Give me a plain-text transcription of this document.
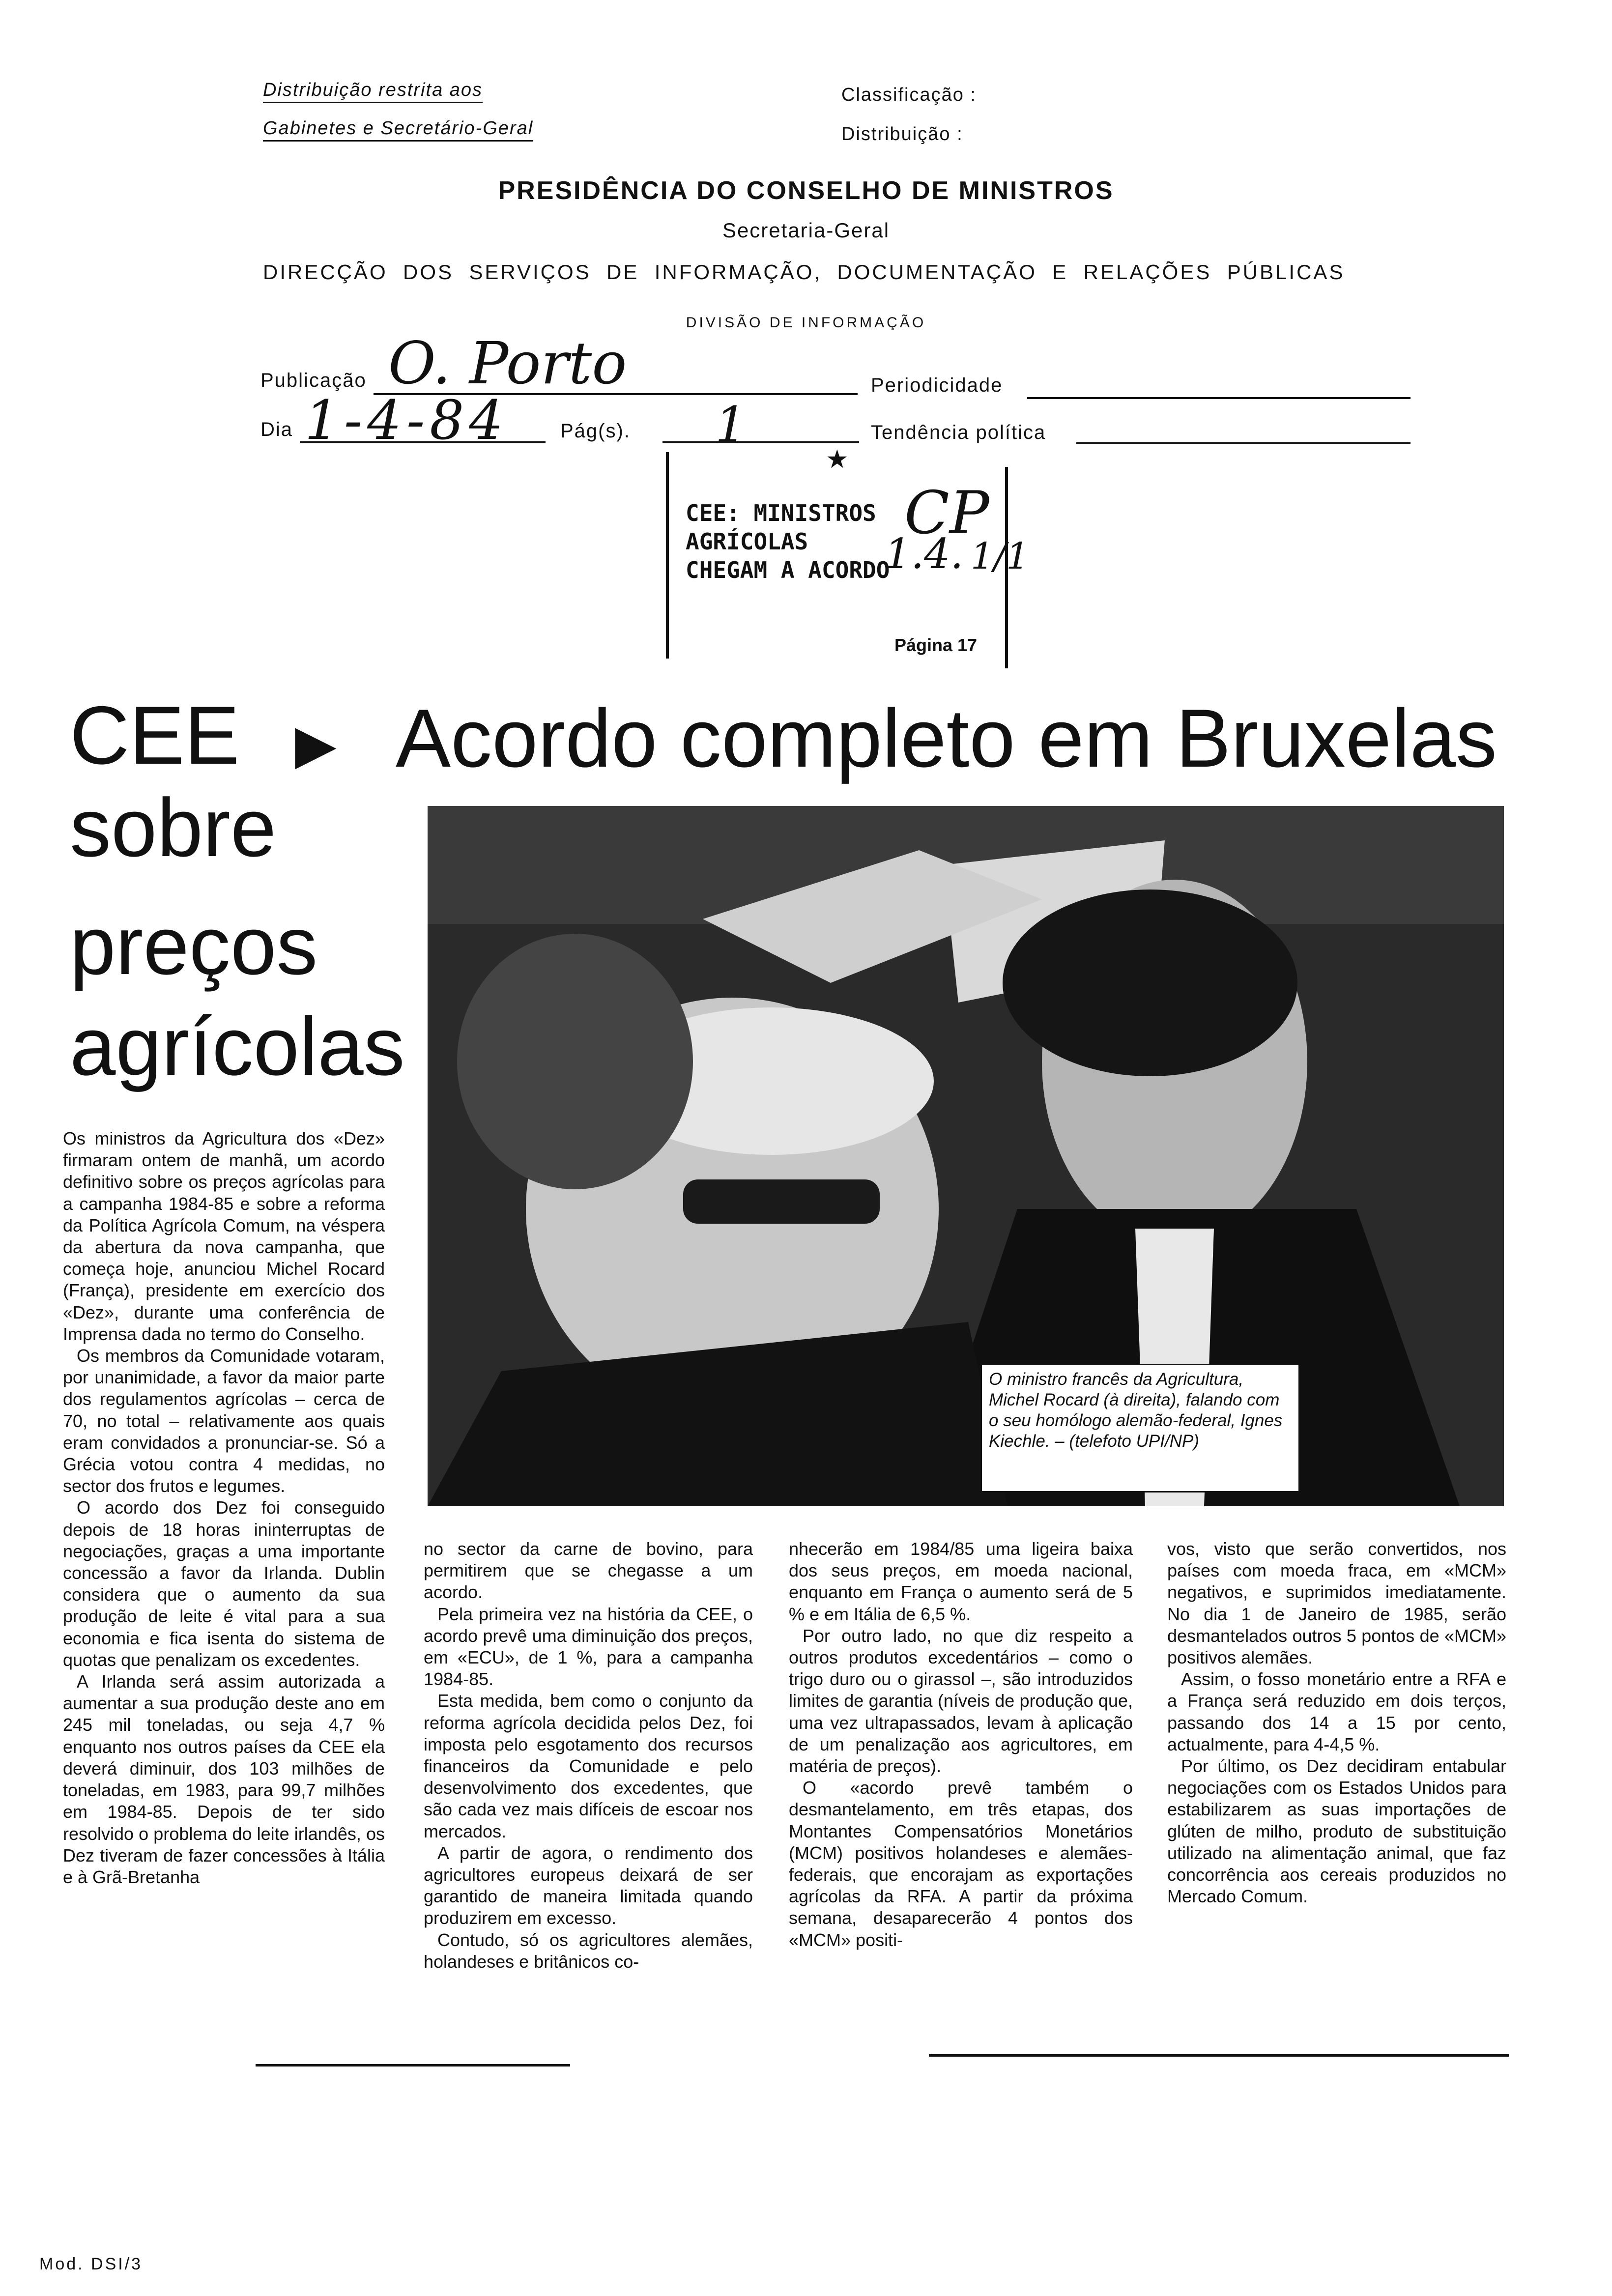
Distribuição restrita aos
Gabinetes e Secretário-Geral
Classificação :
Distribuição :
PRESIDÊNCIA DO CONSELHO DE MINISTROS
Secretaria-Geral
DIRECÇÃO  DOS  SERVIÇOS  DE  INFORMAÇÃO,  DOCUMENTAÇÃO  E  RELAÇÕES  PÚBLICAS
DIVISÃO DE INFORMAÇÃO
Publicação O. Porto	Periodicidade
Dia 1-4-84	Pág(s). 1	Tendência política
★
CEE: MINISTROS
AGRÍCOLAS
CHEGAM A ACORDO
CP
1.4. 1/1
Página 17
CEE ▶ Acordo completo em Bruxelas
sobre
preços
agrícolas
O ministro francês da Agricultura, Michel Rocard (à direita), falando com o seu homólogo alemão-federal, Ignes Kiechle. – (telefoto UPI/NP)

Os ministros da Agricultura dos «Dez» firmaram ontem de manhã, um acordo definitivo sobre os preços agrícolas para a campanha 1984-85 e sobre a reforma da Política Agrícola Comum, na véspera da abertura da nova campanha, que começa hoje, anunciou Michel Rocard (França), presidente em exercício dos «Dez», durante uma conferência de Imprensa dada no termo do Conselho.

Os membros da Comunidade votaram, por unanimidade, a favor da maior parte dos regulamentos agrícolas – cerca de 70, no total – relativamente aos quais eram convidados a pronunciar-se. Só a Grécia votou contra 4 medidas, no sector dos frutos e legumes.

O acordo dos Dez foi conseguido depois de 18 horas ininterruptas de negociações, graças a uma importante concessão a favor da Irlanda. Dublin considera que o aumento da sua produção de leite é vital para a sua economia e fica isenta do sistema de quotas que penalizam os excedentes.

A Irlanda será assim autorizada a aumentar a sua produção deste ano em 245 mil toneladas, ou seja 4,7 % enquanto nos outros países da CEE ela deverá diminuir, dos 103 milhões de toneladas, em 1983, para 99,7 milhões em 1984-85. Depois de ter sido resolvido o problema do leite irlandês, os Dez tiveram de fazer concessões à Itália e à Grã-Bretanha

no sector da carne de bovino, para permitirem que se chegasse a um acordo.

Pela primeira vez na história da CEE, o acordo prevê uma diminuição dos preços, em «ECU», de 1 %, para a campanha 1984-85.

Esta medida, bem como o conjunto da reforma agrícola decidida pelos Dez, foi imposta pelo esgotamento dos recursos financeiros da Comunidade e pelo desenvolvimento dos excedentes, que são cada vez mais difíceis de escoar nos mercados.

A partir de agora, o rendimento dos agricultores europeus deixará de ser garantido de maneira limitada quando produzirem em excesso.

Contudo, só os agricultores alemães, holandeses e britânicos co-

nhecerão em 1984/85 uma ligeira baixa dos seus preços, em moeda nacional, enquanto em França o aumento será de 5 % e em Itália de 6,5 %.

Por outro lado, no que diz respeito a outros produtos excedentários – como o trigo duro ou o girassol –, são introduzidos limites de garantia (níveis de produção que, uma vez ultrapassados, levam à aplicação de um penalização aos agricultores, em matéria de preços).

O «acordo prevê também o desmantelamento, em três etapas, dos Montantes Compensatórios Monetários (MCM) positivos holandeses e alemães-federais, que encorajam as exportações agrícolas da RFA. A partir da próxima semana, desaparecerão 4 pontos dos «MCM» positi-

vos, visto que serão convertidos, nos países com moeda fraca, em «MCM» negativos, e suprimidos imediatamente. No dia 1 de Janeiro de 1985, serão desmantelados outros 5 pontos de «MCM» positivos alemães.

Assim, o fosso monetário entre a RFA e a França será reduzido em dois terços, passando dos 14 a 15 por cento, actualmente, para 4-4,5 %.

Por último, os Dez decidiram entabular negociações com os Estados Unidos para estabilizarem as suas importações de glúten de milho, produto de substituição utilizado na alimentação animal, que faz concorrência aos cereais produzidos no Mercado Comum.

Mod. DSI/3
